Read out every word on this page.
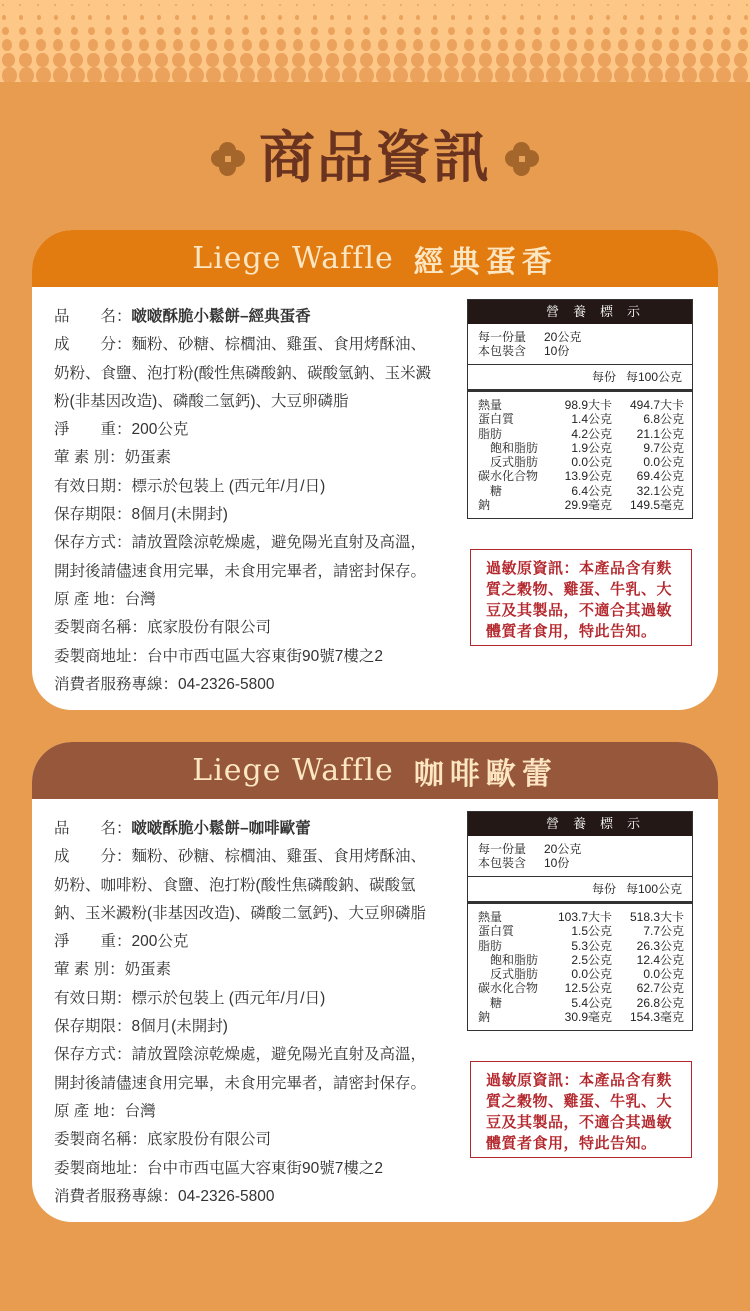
商品資訊
Liege Waffle 經典蛋香
品　　名：啵啵酥脆小鬆餅–經典蛋香
成　　分：麵粉、砂糖、棕櫚油、雞蛋、食用烤酥油、
奶粉、食鹽、泡打粉(酸性焦磷酸鈉、碳酸氫鈉、玉米澱
粉(非基因改造)、磷酸二氫鈣)、大豆卵磷脂
淨　　重：200公克
葷 素 別：奶蛋素
有效日期：標示於包裝上 (西元年/月/日)
保存期限：8個月(未開封)
保存方式：請放置陰涼乾燥處，避免陽光直射及高溫，
開封後請儘速食用完畢，未食用完畢者，請密封保存。
原 產 地：台灣
委製商名稱：底家股份有限公司
委製商地址：台中市西屯區大容東街90號7樓之2
消費者服務專線：04-2326-5800
營養標示
每一份量	20公克
本包裝含	10份
每份 每100公克
熱量	98.9大卡	494.7大卡
蛋白質	1.4公克	6.8公克
脂肪	4.2公克	21.1公克
飽和脂肪	1.9公克	9.7公克
反式脂肪	0.0公克	0.0公克
碳水化合物	13.9公克	69.4公克
糖	6.4公克	32.1公克
鈉	29.9毫克	149.5毫克
過敏原資訊：本產品含有麩
質之穀物、雞蛋、牛乳、大
豆及其製品，不適合其過敏
體質者食用，特此告知。
Liege Waffle 咖啡歐蕾
品　　名：啵啵酥脆小鬆餅–咖啡歐蕾
成　　分：麵粉、砂糖、棕櫚油、雞蛋、食用烤酥油、
奶粉、咖啡粉、食鹽、泡打粉(酸性焦磷酸鈉、碳酸氫
鈉、玉米澱粉(非基因改造)、磷酸二氫鈣)、大豆卵磷脂
淨　　重：200公克
葷 素 別：奶蛋素
有效日期：標示於包裝上 (西元年/月/日)
保存期限：8個月(未開封)
保存方式：請放置陰涼乾燥處，避免陽光直射及高溫，
開封後請儘速食用完畢，未食用完畢者，請密封保存。
原 產 地：台灣
委製商名稱：底家股份有限公司
委製商地址：台中市西屯區大容東街90號7樓之2
消費者服務專線：04-2326-5800
營養標示
每一份量	20公克
本包裝含	10份
每份 每100公克
熱量	103.7大卡	518.3大卡
蛋白質	1.5公克	7.7公克
脂肪	5.3公克	26.3公克
飽和脂肪	2.5公克	12.4公克
反式脂肪	0.0公克	0.0公克
碳水化合物	12.5公克	62.7公克
糖	5.4公克	26.8公克
鈉	30.9毫克	154.3毫克
過敏原資訊：本產品含有麩
質之穀物、雞蛋、牛乳、大
豆及其製品，不適合其過敏
體質者食用，特此告知。
